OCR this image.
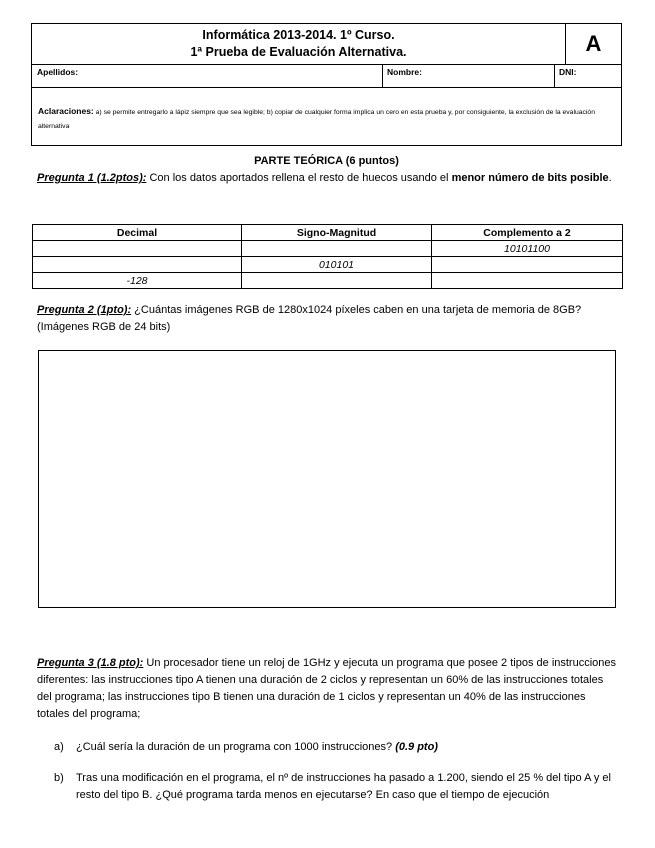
Informática 2013-2014. 1º Curso.
1ª Prueba de Evaluación Alternativa.	A
Apellidos:	Nombre:	DNI:
Aclaraciones: a) se permite entregarlo a lápiz siempre que sea legible; b) copiar de cualquier forma implica un cero en esta prueba y, por consiguiente, la exclusión de la evaluación alternativa
PARTE TEÓRICA (6 puntos)
Pregunta 1 (1.2ptos): Con los datos aportados rellena el resto de huecos usando el menor número de bits posible.
Decimal	Signo-Magnitud	Complemento a 2
		10101100
	010101	
-128		
Pregunta 2 (1pto): ¿Cuántas imágenes RGB de 1280x1024 píxeles caben en una tarjeta de memoria de 8GB?
(Imágenes RGB de 24 bits)
Pregunta 3 (1.8 pto): Un procesador tiene un reloj de 1GHz y ejecuta un programa que posee 2 tipos de instrucciones diferentes: las instrucciones tipo A tienen una duración de 2 ciclos y representan un 60% de las instrucciones totales del programa; las instrucciones tipo B tienen una duración de 1 ciclos y representan un 40% de las instrucciones totales del programa;
a) ¿Cuál sería la duración de un programa con 1000 instrucciones? (0.9 pto)
b) Tras una modificación en el programa, el nº de instrucciones ha pasado a 1.200, siendo el 25 % del tipo A y el resto del tipo B. ¿Qué programa tarda menos en ejecutarse? En caso que el tiempo de ejecución
